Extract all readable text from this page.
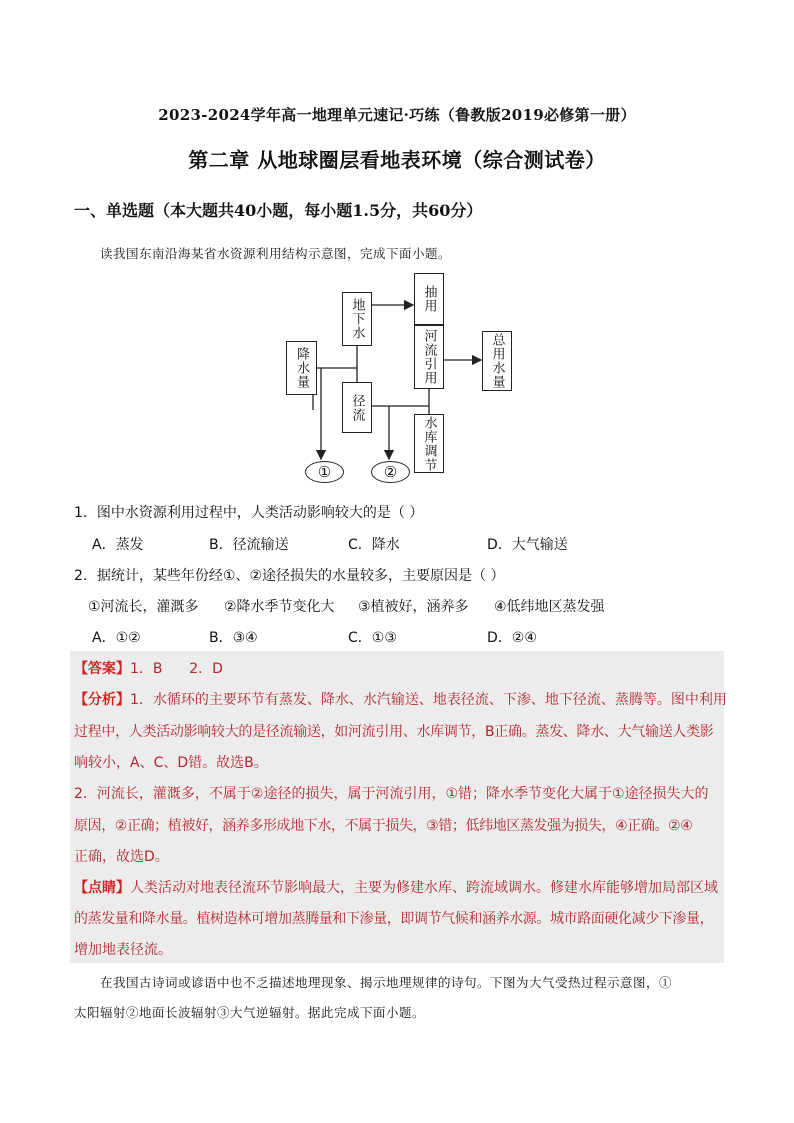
2023-2024学年高一地理单元速记·巧练（鲁教版2019必修第一册）
第二章 从地球圈层看地表环境（综合测试卷）
一、单选题（本大题共40小题，每小题1.5分，共60分）
读我国东南沿海某省水资源利用结构示意图，完成下面小题。
地下水	抽用
降水量	河流引用	总用水量
径流
水库调节
①	②
1．图中水资源利用过程中，人类活动影响较大的是（ ）
A．蒸发	B．径流输送	C．降水	D．大气输送
2．据统计，某些年份经①、②途径损失的水量较多，主要原因是（ ）
①河流长，灌溉多 ②降水季节变化大 ③植被好，涵养多 ④低纬地区蒸发强
A．①②	B．③④	C．①③	D．②④
【答案】1．B      2．D
【分析】1．水循环的主要环节有蒸发、降水、水汽输送、地表径流、下渗、地下径流、蒸腾等。图中利用
过程中，人类活动影响较大的是径流输送，如河流引用、水库调节，B正确。蒸发、降水、大气输送人类影
响较小，A、C、D错。故选B。
2．河流长，灌溉多，不属于②途径的损失，属于河流引用，①错；降水季节变化大属于①途径损失大的
原因，②正确；植被好，涵养多形成地下水，不属于损失，③错；低纬地区蒸发强为损失，④正确。②④
正确，故选D。
【点睛】人类活动对地表径流环节影响最大，主要为修建水库、跨流域调水。修建水库能够增加局部区域
的蒸发量和降水量。植树造林可增加蒸腾量和下渗量，即调节气候和涵养水源。城市路面硬化减少下渗量，
增加地表径流。
在我国古诗词或谚语中也不乏描述地理现象、揭示地理规律的诗句。下图为大气受热过程示意图，①
太阳辐射②地面长波辐射③大气逆辐射。据此完成下面小题。
